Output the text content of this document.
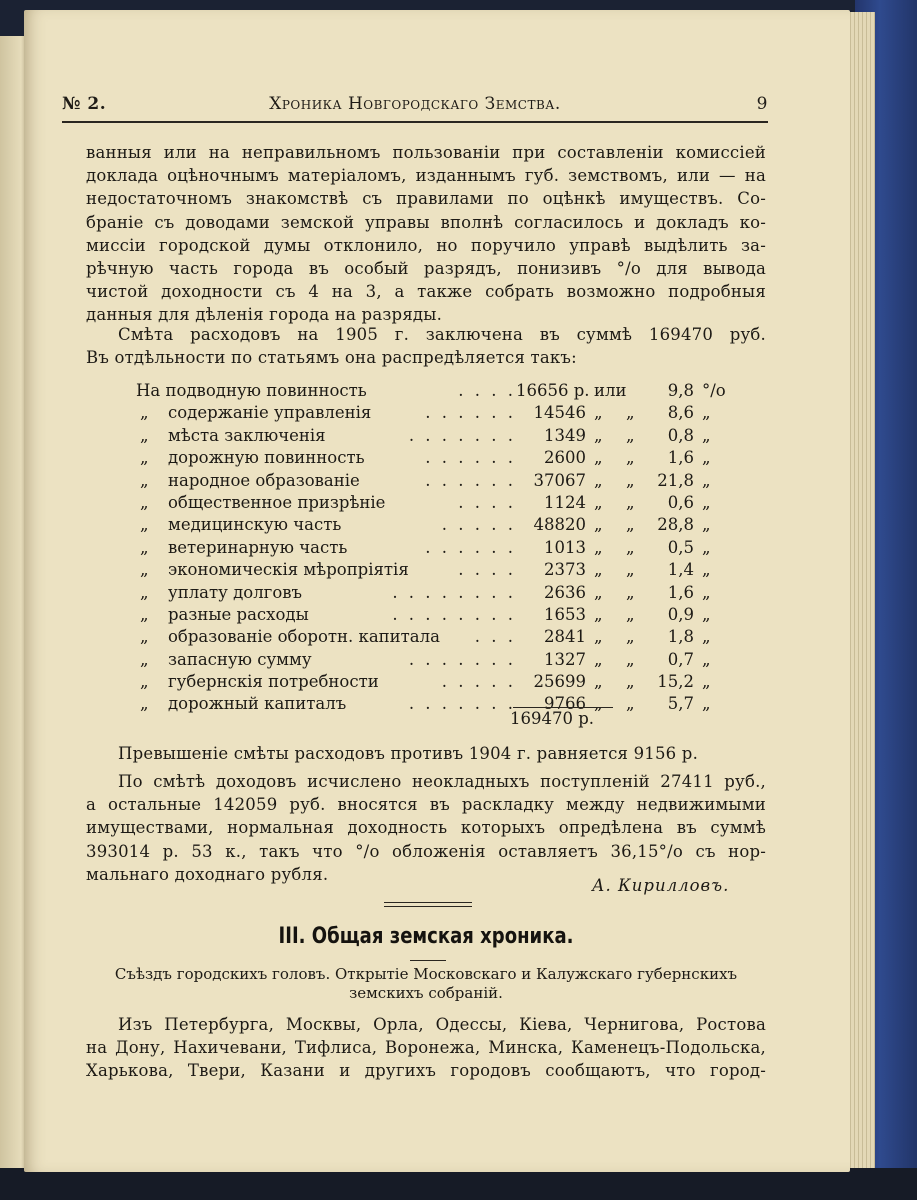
№ 2.	Хроника Новгородскаго Земства.	9
ванныя или на неправильномъ пользованіи при составленіи комиссіей
доклада оцѣночнымъ матеріаломъ, изданнымъ губ. земствомъ, или — на
недостаточномъ знакомствѣ съ правилами по оцѣнкѣ имуществъ. Со-
браніе съ доводами земской управы вполнѣ согласилось и докладъ ко-
миссіи городской думы отклонило, но поручило управѣ выдѣлить за-
рѣчную часть города въ особый разрядъ, понизивъ °/о для вывода
чистой доходности съ 4 на 3, а также собрать возможно подробныя
данныя для дѣленія города на разряды.
Смѣта расходовъ на 1905 г. заключена въ суммѣ 169470 руб.
Въ отдѣльности по статьямъ она распредѣляется такъ:
На подводную повинность	. . . . 16656 р. или	9,8 °/о
„ содержаніе управленія	. . . . . .	14546 „ „	8,6 „
„ мѣста заключенія	. . . . . . .	1349 „ „	0,8 „
„ дорожную повинность	. . . . . .	2600 „ „	1,6 „
„ народное образованіе	. . . . . .	37067 „ „ 21,8 „
„ общественное призрѣніе	. . . .	1124 „ „	0,6 „
„ медицинскую часть	. . . . .	48820 „ „ 28,8 „
„ ветеринарную часть	. . . . . .	1013 „ „	0,5 „
„ экономическія мѣропріятія	. . . .	2373 „ „	1,4 „
„ уплату долговъ	. . . . . . . .	2636 „ „	1,6 „
„ разные расходы	. . . . . . . .	1653 „ „	0,9 „
„ образованіе оборотн. капитала	. . .	2841 „ „	1,8 „
„ запасную сумму	. . . . . . .	1327 „ „	0,7 „
„ губернскія потребности	. . . . .	25699 „ „ 15,2 „
„ дорожный капиталъ	. . . . . . .	9766 „ „	5,7 „
169470 р.
Превышеніе смѣты расходовъ противъ 1904 г. равняется 9156 р.
По смѣтѣ доходовъ исчислено неокладныхъ поступленій 27411 руб.,
а остальные 142059 руб. вносятся въ раскладку между недвижимыми
имуществами, нормальная доходность которыхъ опредѣлена въ суммѣ
393014 р. 53 к., такъ что °/о обложенія оставляетъ 36,15°/о съ нор-
мальнаго доходнаго рубля.
А. Кирилловъ.
III. Общая земская хроника.
Съѣздъ городскихъ головъ. Открытіе Московскаго и Калужскаго губернскихъ
земскихъ собраній.
Изъ Петербурга, Москвы, Орла, Одессы, Кіева, Чернигова, Ростова
на Дону, Нахичевани, Тифлиса, Воронежа, Минска, Каменецъ-Подольска,
Харькова, Твери, Казани и другихъ городовъ сообщаютъ, что город-
